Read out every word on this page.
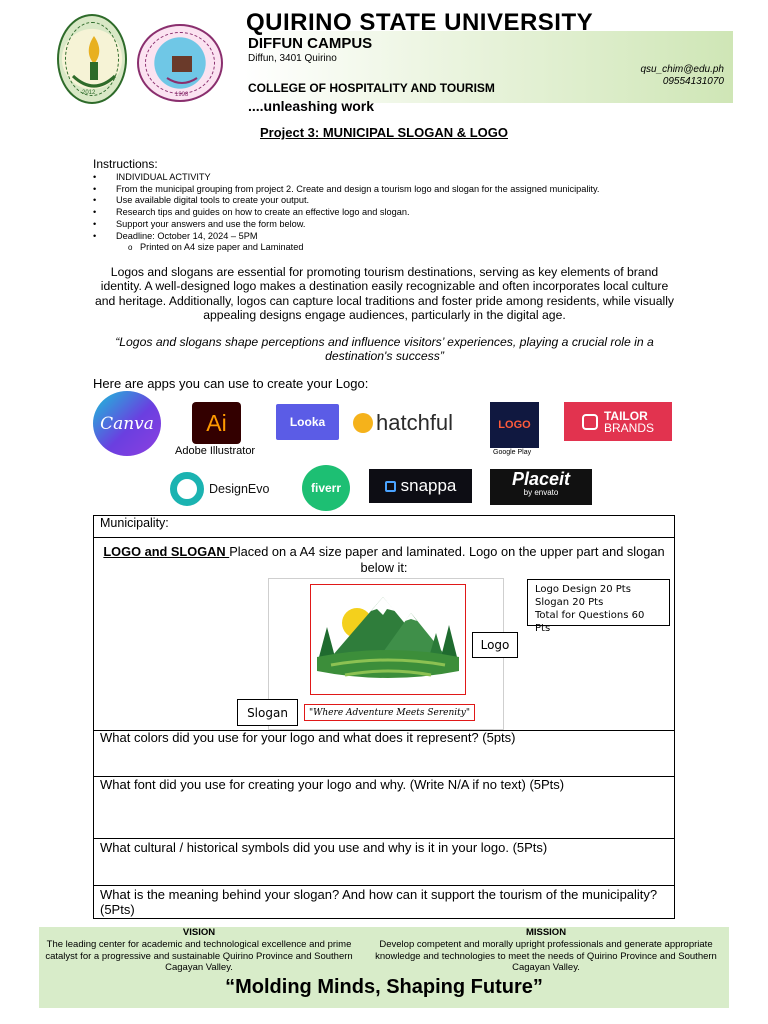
2012	1998
QUIRINO STATE UNIVERSITY
DIFFUN CAMPUS
Diffun, 3401 Quirino
qsu_chim@edu.ph
09554131070
COLLEGE OF HOSPITALITY AND TOURISM
....unleashing work
Project 3: MUNICIPAL SLOGAN & LOGO
Instructions:
• INDIVIDUAL ACTIVITY
• From the municipal grouping from project 2. Create and design a tourism logo and slogan for the assigned municipality.
• Use available digital tools to create your output.
• Research tips and guides on how to create an effective logo and slogan.
• Support your answers and use the form below.
• Deadline: October 14, 2024 – 5PM
o Printed on A4 size paper and Laminated
Logos and slogans are essential for promoting tourism destinations, serving as key elements of brand identity. A well-designed logo makes a destination easily recognizable and often incorporates local culture and heritage. Additionally, logos can capture local traditions and foster pride among residents, while visually appealing designs engage audiences, particularly in the digital age.
“Logos and slogans shape perceptions and influence visitors’ experiences, playing a crucial role in a destination's success”
Here are apps you can use to create your Logo:
Canva Ai
Adobe Illustrator
Looka hatchful	LOGO
Google Play
TAILOR
BRANDS
DesignEvo	fiverr	snappa	Placeit
by envato
Municipality:
LOGO and SLOGAN Placed on a A4 size paper and laminated. Logo on the upper part and slogan below it:
Logo Design 20 Pts
Slogan 20 Pts
Total for Questions 60 Pts
Logo
Slogan	"Where Adventure Meets Serenity"
What colors did you use for your logo and what does it represent? (5pts)
What font did you use for creating your logo and why. (Write N/A if no text) (5Pts)
What cultural / historical symbols did you use and why is it in your logo. (5Pts)
What is the meaning behind your slogan? And how can it support the tourism of the municipality? (5Pts)
VISION
The leading center for academic and technological excellence and prime catalyst for a progressive and sustainable Quirino Province and Southern Cagayan Valley.
MISSION
Develop competent and morally upright professionals and generate appropriate knowledge and technologies to meet the needs of Quirino Province and Southern Cagayan Valley.
“Molding Minds, Shaping Future”
